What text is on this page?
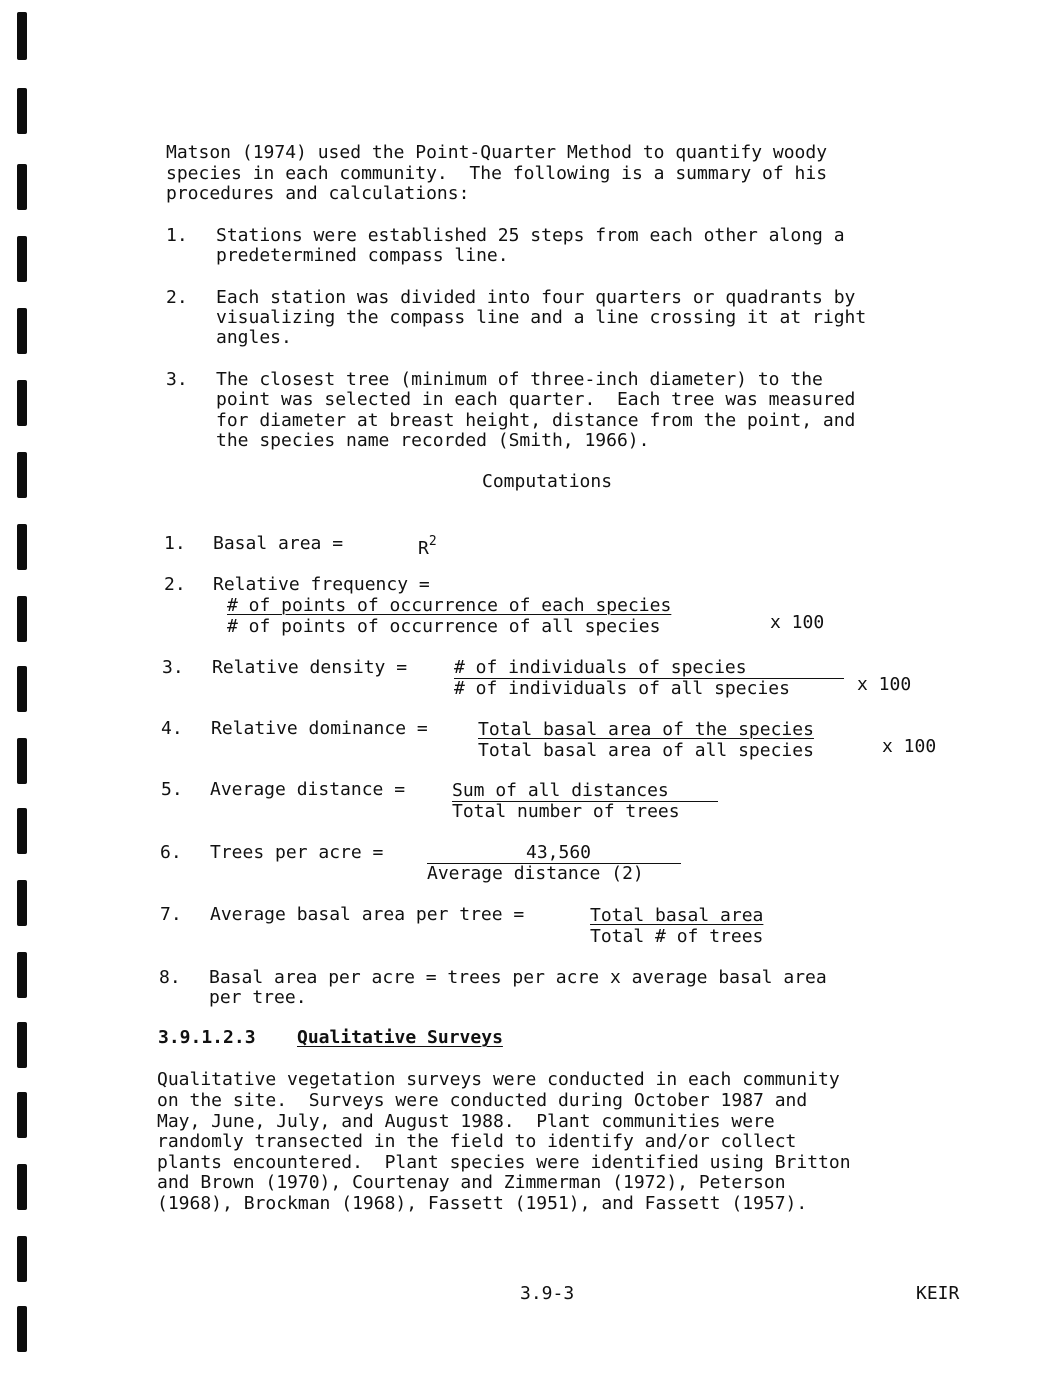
Matson (1974) used the Point-Quarter Method to quantify woody
species in each community.  The following is a summary of his
procedures and calculations:
1. Stations were established 25 steps from each other along a
predetermined compass line.
2. Each station was divided into four quarters or quadrants by
visualizing the compass line and a line crossing it at right
angles.
3. The closest tree (minimum of three-inch diameter) to the
point was selected in each quarter.  Each tree was measured
for diameter at breast height, distance from the point, and
the species name recorded (Smith, 1966).
Computations
1. Basal area =	$R^2$
2. Relative frequency =
# of points of occurrence of each species
# of points of occurrence of all species	x 100
3. Relative density =	# of individuals of species
# of individuals of all species	x 100
4. Relative dominance =	Total basal area of the species
Total basal area of all species	x 100
5. Average distance =	Sum of all distances
Total number of trees
6. Trees per acre =	43,560
Average distance (2)
7. Average basal area per tree =	Total basal area
Total # of trees
8. Basal area per acre = trees per acre x average basal area
per tree.
3.9.1.2.3 Qualitative Surveys
Qualitative vegetation surveys were conducted in each community
on the site.  Surveys were conducted during October 1987 and
May, June, July, and August 1988.  Plant communities were
randomly transected in the field to identify and/or collect
plants encountered.  Plant species were identified using Britton
and Brown (1970), Courtenay and Zimmerman (1972), Peterson
(1968), Brockman (1968), Fassett (1951), and Fassett (1957).
3.9-3	KEIR
